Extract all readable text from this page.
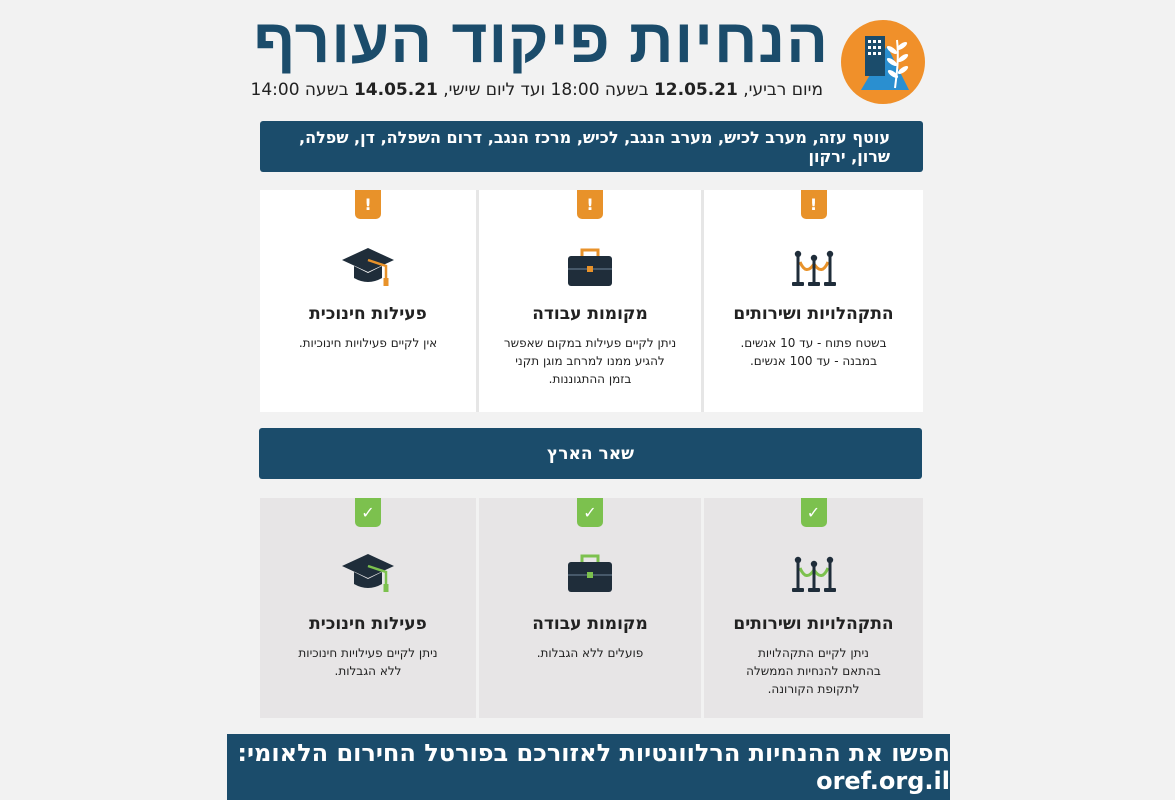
הנחיות פיקוד העורף
מיום רביעי, 12.05.21 בשעה 18:00 ועד ליום שישי, 14.05.21 בשעה 14:00
עוטף עזה, מערב לכיש, מערב הנגב, לכיש, מרכז הנגב, דרום השפלה, דן, שפלה, שרון, ירקון
!
התקהלויות ושירותים
בשטח פתוח - עד 10 אנשים.
במבנה - עד 100 אנשים.
!
מקומות עבודה
ניתן לקיים פעילות במקום שאפשר
להגיע ממנו למרחב מוגן תקני
בזמן ההתגוננות.
!
פעילות חינוכית
אין לקיים פעילויות חינוכיות.
שאר הארץ
✓
התקהלויות ושירותים
ניתן לקיים התקהלויות
בהתאם להנחיות הממשלה
לתקופת הקורונה.
✓
מקומות עבודה
פועלים ללא הגבלות.
✓
פעילות חינוכית
ניתן לקיים פעילויות חינוכיות
ללא הגבלות.
חפשו את ההנחיות הרלוונטיות לאזורכם בפורטל החירום הלאומי: oref.org.il
